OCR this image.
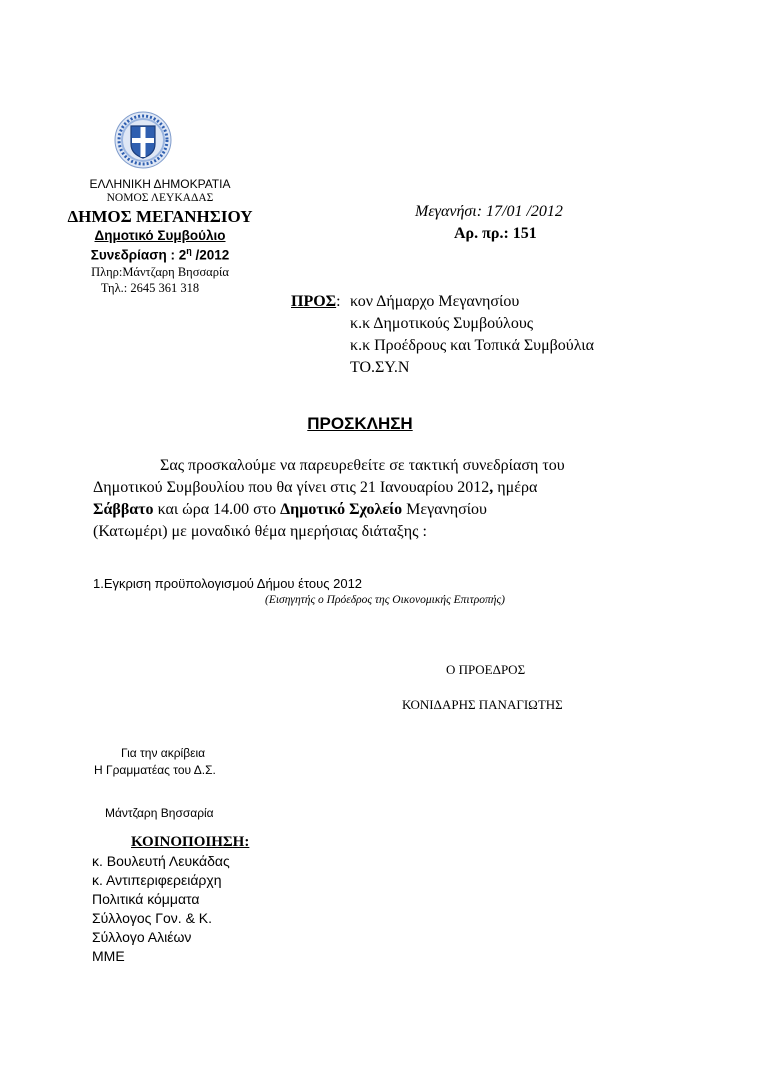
ΕΛΛΗΝΙΚΗ ΔΗΜΟΚΡΑΤΙΑ
ΝΟΜΟΣ ΛΕΥΚΑΔΑΣ
ΔΗΜΟΣ ΜΕΓΑΝΗΣΙΟΥ
Δημοτικό Συμβούλιο
Συνεδρίαση : $2^\eta$ /2012
Πληρ:Μάντζαρη Βησσαρία
Τηλ.: 2645 361 318
Μεγανήσι: 17/01 /2012
Αρ. πρ.: 151
ΠΡΟΣ: κον Δήμαρχο Μεγανησίου
κ.κ Δημοτικούς Συμβούλους
κ.κ Προέδρους και Τοπικά Συμβούλια
ΤΟ.ΣΥ.Ν
ΠΡΟΣΚΛΗΣΗ
Σας προσκαλούμε να παρευρεθείτε σε τακτική συνεδρίαση του
Δημοτικού Συμβουλίου που θα γίνει στις 21 Ιανουαρίου 2012, ημέρα
Σάββατο και ώρα 14.00 στο Δημοτικό Σχολείο Μεγανησίου
(Κατωμέρι) με μοναδικό θέμα ημερήσιας διάταξης :
1.Εγκριση προϋπολογισμού Δήμου έτους 2012
(Εισηγητής ο Πρόεδρος της Οικονομικής Επιτροπής)
Ο ΠΡΟΕΔΡΟΣ
ΚΟΝΙΔΑΡΗΣ ΠΑΝΑΓΙΩΤΗΣ
Για την ακρίβεια
Η Γραμματέας του Δ.Σ.
Μάντζαρη Βησσαρία
ΚΟΙΝΟΠΟΙΗΣΗ:
κ. Βουλευτή Λευκάδας
κ. Αντιπεριφερειάρχη
Πολιτικά κόμματα
Σύλλογος Γον. & Κ.
Σύλλογο Αλιέων
ΜΜΕ
